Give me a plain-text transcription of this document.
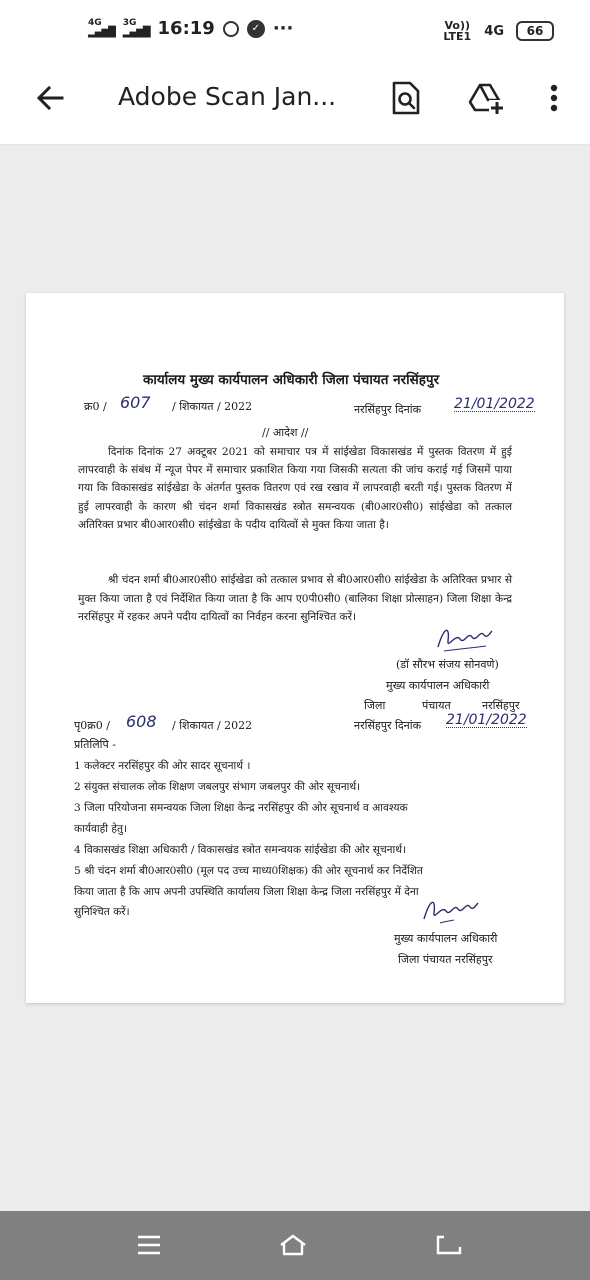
4G
▂▄▆█
3G
▂▄▆█ 16:19	✓ ···	Vo)) LTE1 4G	66
Adobe Scan Jan...
कार्यालय मुख्य कार्यपालन अधिकारी जिला पंचायत नरसिंहपुर
क्र0 / 607 / शिकायत / 2022	नरसिंहपुर दिनांक 21/01/2022
// आदेश //
दिनांक दिनांक 27 अक्टूबर 2021 को समाचार पत्र में सांईखेडा विकासखंड में पुस्तक वितरण में हुई लापरवाही के संबंध में न्यूज पेपर में समाचार प्रकाशित किया गया जिसकी सत्यता की जांच कराई गई जिसमें पाया गया कि विकासखंड सांईखेडा के अंतर्गत पुस्तक वितरण एवं रख रखाव में लापरवाही बरती गई। पुस्तक वितरण में हुई लापरवाही के कारण श्री चंदन शर्मा विकासखंड स्त्रोत समन्वयक (बी0आर0सी0) सांईखेडा को तत्काल अतिरिक्त प्रभार बी0आर0सी0 सांईखेडा के पदीय दायित्वों से मुक्त किया जाता है।
श्री चंदन शर्मा बी0आर0सी0 सांईखेडा को तत्काल प्रभाव से बी0आर0सी0 सांईखेडा के अतिरिक्त प्रभार से मुक्त किया जाता है एवं निर्देशित किया जाता है कि आप ए0पी0सी0 (बालिका शिक्षा प्रोत्साहन) जिला शिक्षा केन्द्र नरसिंहपुर में रहकर अपने पदीय दायित्वों का निर्वहन करना सुनिश्चित करें।
(डॉ सौरभ संजय सोनवणे)
मुख्य कार्यपालन अधिकारी
जिला	पंचायत	नरसिंहपुर
पृ0क्र0 / 608 / शिकायत / 2022	नरसिंहपुर दिनांक 21/01/2022
प्रतिलिपि -
1 कलेक्टर नरसिंहपुर की ओर सादर सूचनार्थ ।
2 संयुक्त संचालक लोक शिक्षण जबलपुर संभाग जबलपुर की ओर सूचनार्थ।
3 जिला परियोजना समन्वयक जिला शिक्षा केन्द्र नरसिंहपुर की ओर सूचनार्थ व आवश्यक
कार्यवाही हेतु।
4 विकासखंड शिक्षा अधिकारी / विकासखंड स्त्रोत समन्वयक सांईखेडा की ओर सूचनार्थ।
5 श्री चंदन शर्मा बी0आर0सी0 (मूल पद उच्च माध्य0शिक्षक) की ओर सूचनार्थ कर निर्देशित
किया जाता है कि आप अपनी उपस्थिति कार्यालय जिला शिक्षा केन्द्र जिला नरसिंहपुर में देना
सुनिश्चित करें।
मुख्य कार्यपालन अधिकारी
जिला पंचायत नरसिंहपुर
